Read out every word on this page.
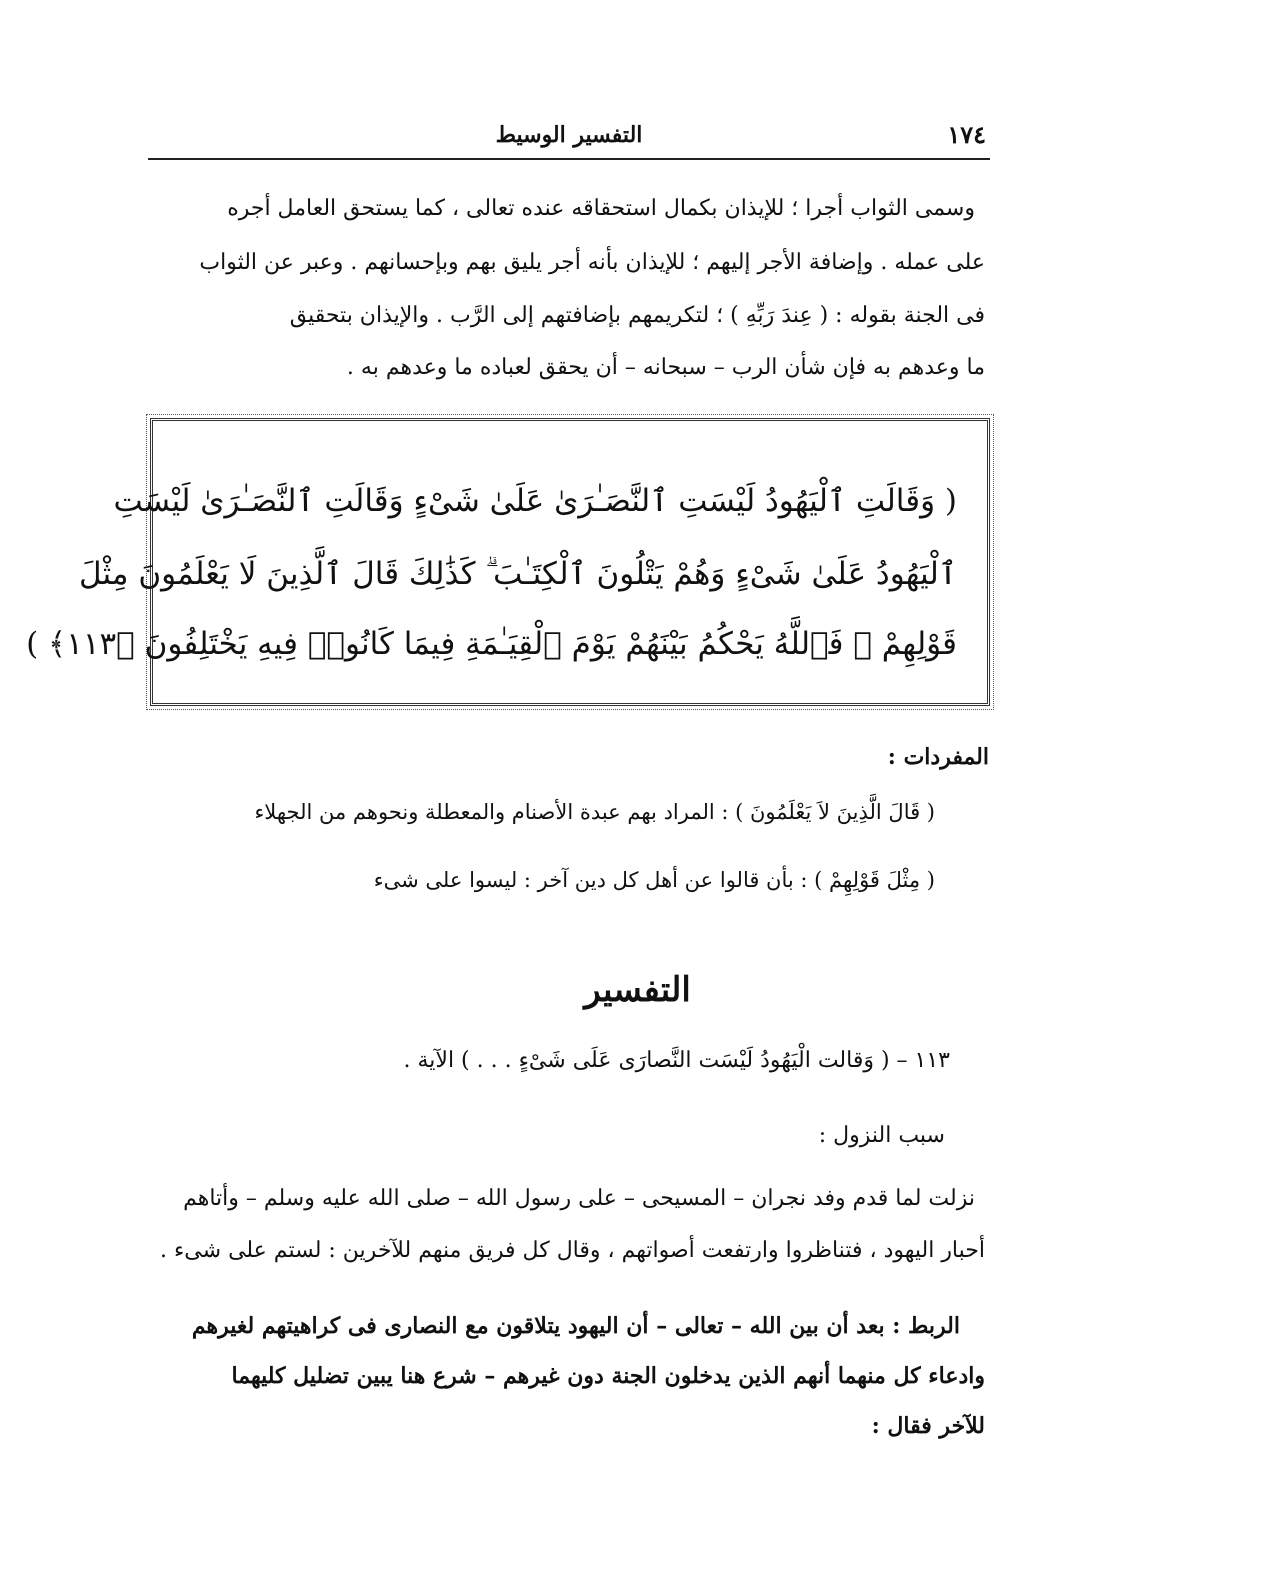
التفسير الوسيط	١٧٤
وسمى الثواب أجرا ؛ للإيذان بكمال استحقاقه عنده تعالى ، كما يستحق العامل أجره
على عمله . وإضافة الأجر إليهم ؛ للإيذان بأنه أجر يليق بهم وبإحسانهم . وعبر عن الثواب
فى الجنة بقوله : ( عِندَ رَبِّهِ ) ؛ لتكريمهم بإضافتهم إلى الرَّب . والإيذان بتحقيق
ما وعدهم به فإن شأن الرب – سبحانه – أن يحقق لعباده ما وعدهم به .
( وَقَالَتِ ٱلْيَهُودُ لَيْسَتِ ٱلنَّصَـٰرَىٰ عَلَىٰ شَىْءٍ وَقَالَتِ ٱلنَّصَـٰرَىٰ لَيْسَتِ
ٱلْيَهُودُ عَلَىٰ شَىْءٍ وَهُمْ يَتْلُونَ ٱلْكِتَـٰبَ ۗ كَذَٰلِكَ قَالَ ٱلَّذِينَ لَا يَعْلَمُونَ مِثْلَ
قَوْلِهِمْ ۚ فَٱللَّهُ يَحْكُمُ بَيْنَهُمْ يَوْمَ ٱلْقِيَـٰمَةِ فِيمَا كَانُوا۟ فِيهِ يَخْتَلِفُونَ ﴿١١٣﴾ )
المفردات :
( قَالَ الَّذِينَ لاَ يَعْلَمُونَ ) : المراد بهم عبدة الأصنام والمعطلة ونحوهم من الجهلاء
( مِثْلَ قَوْلِهِمْ ) : بأن قالوا عن أهل كل دين آخر : ليسوا على شىء
التفسير
١١٣ – ( وَقالت الْيَهُودُ لَيْسَت النَّصارَى عَلَى شَىْءٍ . . . ) الآية .
سبب النزول :
نزلت لما قدم وفد نجران – المسيحى – على رسول الله – صلى الله عليه وسلم – وأتاهم
أحبار اليهود ، فتناظروا وارتفعت أصواتهم ، وقال كل فريق منهم للآخرين : لستم على شىء .
الربط : بعد أن بين الله – تعالى – أن اليهود يتلاقون مع النصارى فى كراهيتهم لغيرهم
وادعاء كل منهما أنهم الذين يدخلون الجنة دون غيرهم – شرع هنا يبين تضليل كليهما
للآخر فقال :
